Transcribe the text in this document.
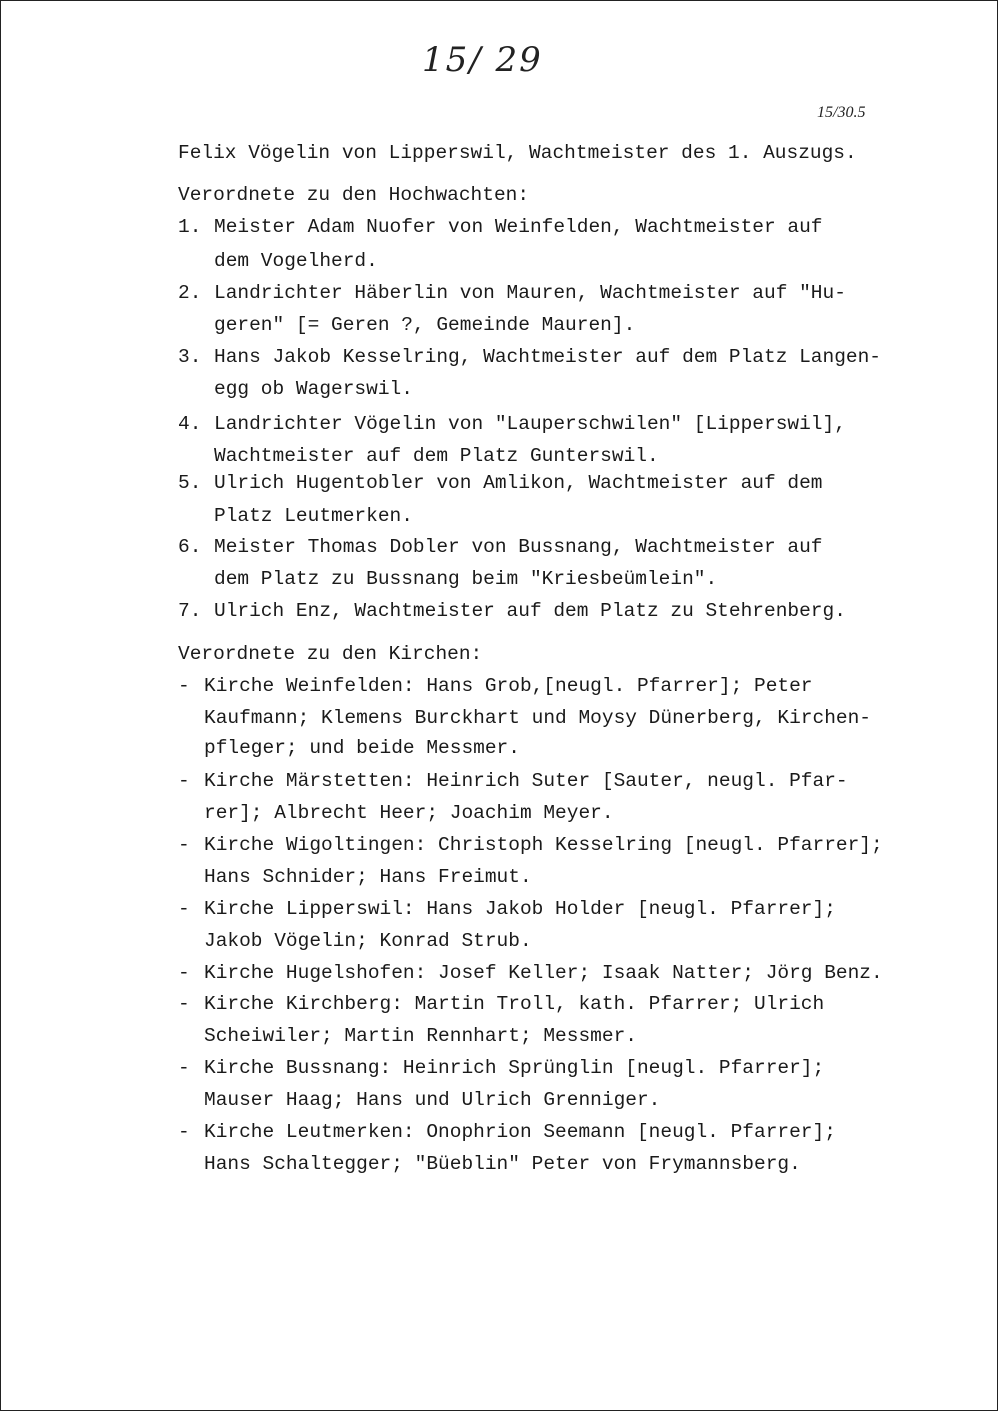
15/ 29
15/30.5
Felix Vögelin von Lipperswil, Wachtmeister des 1. Auszugs.
Verordnete zu den Hochwachten:
1. Meister Adam Nuofer von Weinfelden, Wachtmeister auf
dem Vogelherd.
2. Landrichter Häberlin von Mauren, Wachtmeister auf "Hu-
geren" [= Geren ?, Gemeinde Mauren].
3. Hans Jakob Kesselring, Wachtmeister auf dem Platz Langen-
egg ob Wagerswil.
4. Landrichter Vögelin von "Lauperschwilen" [Lipperswil],
Wachtmeister auf dem Platz Gunterswil.
5. Ulrich Hugentobler von Amlikon, Wachtmeister auf dem
Platz Leutmerken.
6. Meister Thomas Dobler von Bussnang, Wachtmeister auf
dem Platz zu Bussnang beim "Kriesbeümlein".
7. Ulrich Enz, Wachtmeister auf dem Platz zu Stehrenberg.
Verordnete zu den Kirchen:
- Kirche Weinfelden: Hans Grob,[neugl. Pfarrer]; Peter
Kaufmann; Klemens Burckhart und Moysy Dünerberg, Kirchen-
pfleger; und beide Messmer.
- Kirche Märstetten: Heinrich Suter [Sauter, neugl. Pfar-
rer]; Albrecht Heer; Joachim Meyer.
- Kirche Wigoltingen: Christoph Kesselring [neugl. Pfarrer];
Hans Schnider; Hans Freimut.
- Kirche Lipperswil: Hans Jakob Holder [neugl. Pfarrer];
Jakob Vögelin; Konrad Strub.
- Kirche Hugelshofen: Josef Keller; Isaak Natter; Jörg Benz.
- Kirche Kirchberg: Martin Troll, kath. Pfarrer; Ulrich
Scheiwiler; Martin Rennhart; Messmer.
- Kirche Bussnang: Heinrich Sprünglin [neugl. Pfarrer];
Mauser Haag; Hans und Ulrich Grenniger.
- Kirche Leutmerken: Onophrion Seemann [neugl. Pfarrer];
Hans Schaltegger; "Büeblin" Peter von Frymannsberg.
